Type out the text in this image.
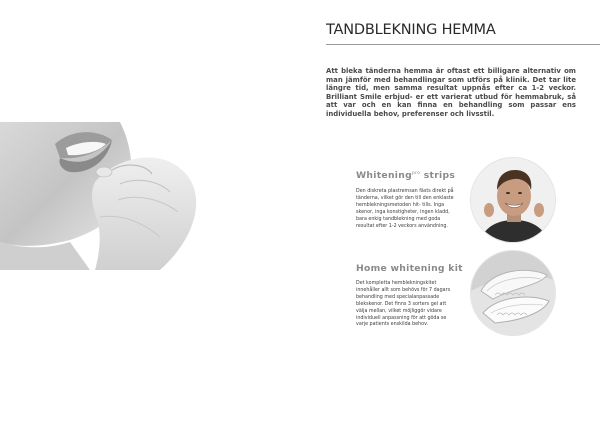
TANDBLEKNING HEMMA

Att bleka tänderna hemma är oftast ett billigare alternativ om man jämför med behandlingar som utförs på klinik. Det tar lite längre tid, men samma resultat uppnås efter ca 1-2 veckor. Brilliant Smile erbjud- er ett varierat utbud för hemmabruk, så att var och en kan finna en behandling som passar ens individuella behov, preferenser och livsstil.

Whitening$^{pro}$ strips

Den diskreta plastremsan fästs direkt på tänderna, vilket gör den till den enklaste hemblekningsmetoden hit- tills. Inga skenor, inga konstigheter, ingen kladd, bara enkig tandblekning med goda resultat efter 1-2 veckors användning.

Home whitening kit

Det kompletta hemblekningskitet innehåller allt som behövs för 7 dagars behandling med specialanpassade blekskenor. Det finns 3 sorters gel att välja mellan, vilket möjliggör vidare individuell anpassning för att göda se varje patients enskilda behov.
